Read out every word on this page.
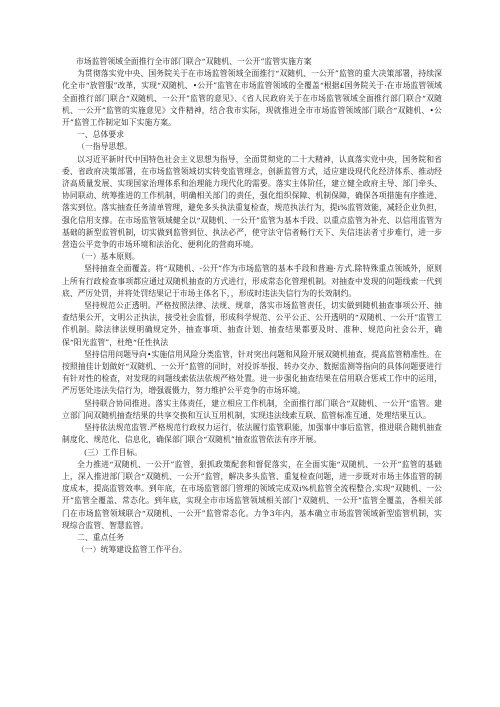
市场监管领域全面推行全市部门联合“双随机、一公开”监管实施方案

为贯彻落实党中央、国务院关于在市场监管领域全面推行“双随机、一公开”监管的重大决策部署，持续深化全市“放管服”改革，实现“双随机、•公开”监管在市场监管领域的全覆盖“根据£国务院关于·在市场监管领域全面推行部门联合“双随机、一公开”监管的意见》、《省人民政府关于在市场监管领域全面推行部门联合“双随机、一公开”监管的实施意见》文件精神，结合我市实际，现就推进全市市场监管领域部门联合“双随机、•公开”监管工作制定如下实施方案。

一、总体要求

（一指导思想。

以习近平新时代中国特色社会主义思想为指导，全面贯彻党的二十大精神，认真落实党中央，国务院和省委、省政府决策部署，在市场监管领域切实转变监管理念，创新监管方式，适应建设现代化经济体系、推动经济高质量发展、实现国家治理体系和治理能力现代化的需要。落实主体阶任，建立健全政府主导、部门牵头、协同联动、统筹推进的工作机制，明确相关部门的责任，强化组织保障、机制保障，确保各项措施有序推进、落实到位。落实抽查任务清单管理，避免多头执法重复检查，规范执法行为，提i%监管效能，减轻企业负担，强化信用支撑。在市场监管领域健全以“双随机、一公开”监管为基本手段、以重点监管为补充、以信用监管为基础的新型监管机制，切实做到监管到位、执法必严，使守法守信者畅行天下、失信违法者寸步难行，进一步营造公平竞争的市场环境和法治化、便利化的营商环境。

（一）基本原则。

坚持抽查全面覆盖。将“双随机、-公开”作为市场监管的基本手段和普遍·方式.除特殊重点领域外，原则上所有行政检查事项都应通过双随机抽查的方式进行，形成常态化管理机制。对抽查中发现的问题线索一代到底、严厉处罚，并将处罚结果记于市场主体名下，，形成时违法失信行为的长效制约。

坚持规范公正透明。严格按照法律、法规、规章，落实市场监管责任，切实做到随机抽查事项公开、抽查结果公开，文明公正执法，接受社会监督，形成科学规范、公平公正、公开透明的“双随机、一公开”监管工作机制。除法律法规明确规定外，抽查事项、抽查计划、抽查结果都要及时、准种、规范向社会公开，确保“阳光监管”，杜绝“任性执法

坚持信用问题导向•实施信用风险分类监管，针对突出问题和风险开展双随机抽查，提高监管精准性。在按照抽佳计划做好“双随机、一公开”监管的同时，对投诉举报、转办交办、数据监测等指向的具体问题要进行有针对性的检查，对发现的问题线索依法依规严格处置。进一步强化抽查结果在信用联合惩戒工作中的运用，严厉惩处违法失信行为，增强震慑力，努力维护公平竞争的市场环境。

坚持联合协同推进。落实主体责任，建立相应工作机制，全面推行部门联合“双随机、一公开”监管。建立部门间双随机抽查结果的共享交换和互认互用机制，实现违法线索互联、监管标准互通、处理结果互认。

坚持依法规范监管.严格规范行政权力运行，依法履行监管职能，加强事中事后监管，推进联合随机抽查制度化、规范化、信息化，确保部门联合“双随机”抽查监管依法有序开展。

(三）工作目标。

全力推进“双随机、一公开”监管，狠抓政策配套和督促落实，在全面实施“双随机、一公开”监管的基础上，深入推进部门联合“双随机、一公开”监管，解决多头监管、重复检查问题，进一步既对市场主体监管的制度成本，提高监管效率。到年底，在市场监管部门管理的领域完成双i%机监管全流程整合,实现“双随机、一公开”监管全覆盖、常态化。到年底，实现全市市场监管领域相关部门“双随机、一公开”监管全覆盖，各相关部门在市场监管领域联合“双随机、一公开”监管常态化。力争3年内，基本确立市场监管领域新型监管机制，实现综合监管、智慧监管。

二、重点任务

（一）统筹建设监管工作平台。
